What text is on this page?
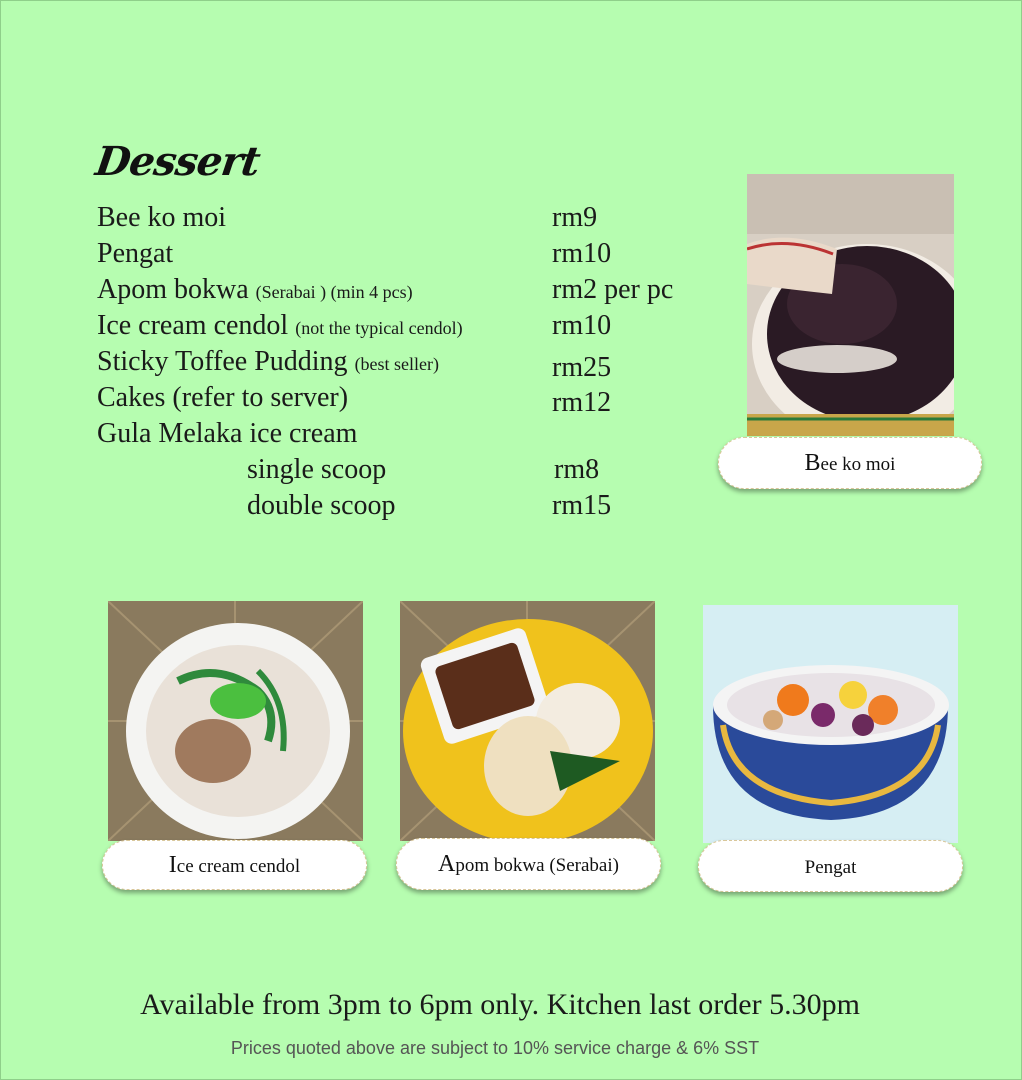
Dessert
Bee ko moi	rm9
Pengat	rm10
Apom bokwa (Serabai ) (min 4 pcs)	rm2 per pc
Ice cream cendol (not the typical cendol)	rm10
Sticky Toffee Pudding (best seller)	rm25
Cakes (refer to server)	rm12
Gula Melaka ice cream
single scoop	rm8
double scoop	rm15
Bee ko moi
Ice cream cendol	Apom bokwa (Serabai)	Pengat
Available from 3pm to 6pm only. Kitchen last order 5.30pm
Prices quoted above are subject to 10% service charge & 6% SST
